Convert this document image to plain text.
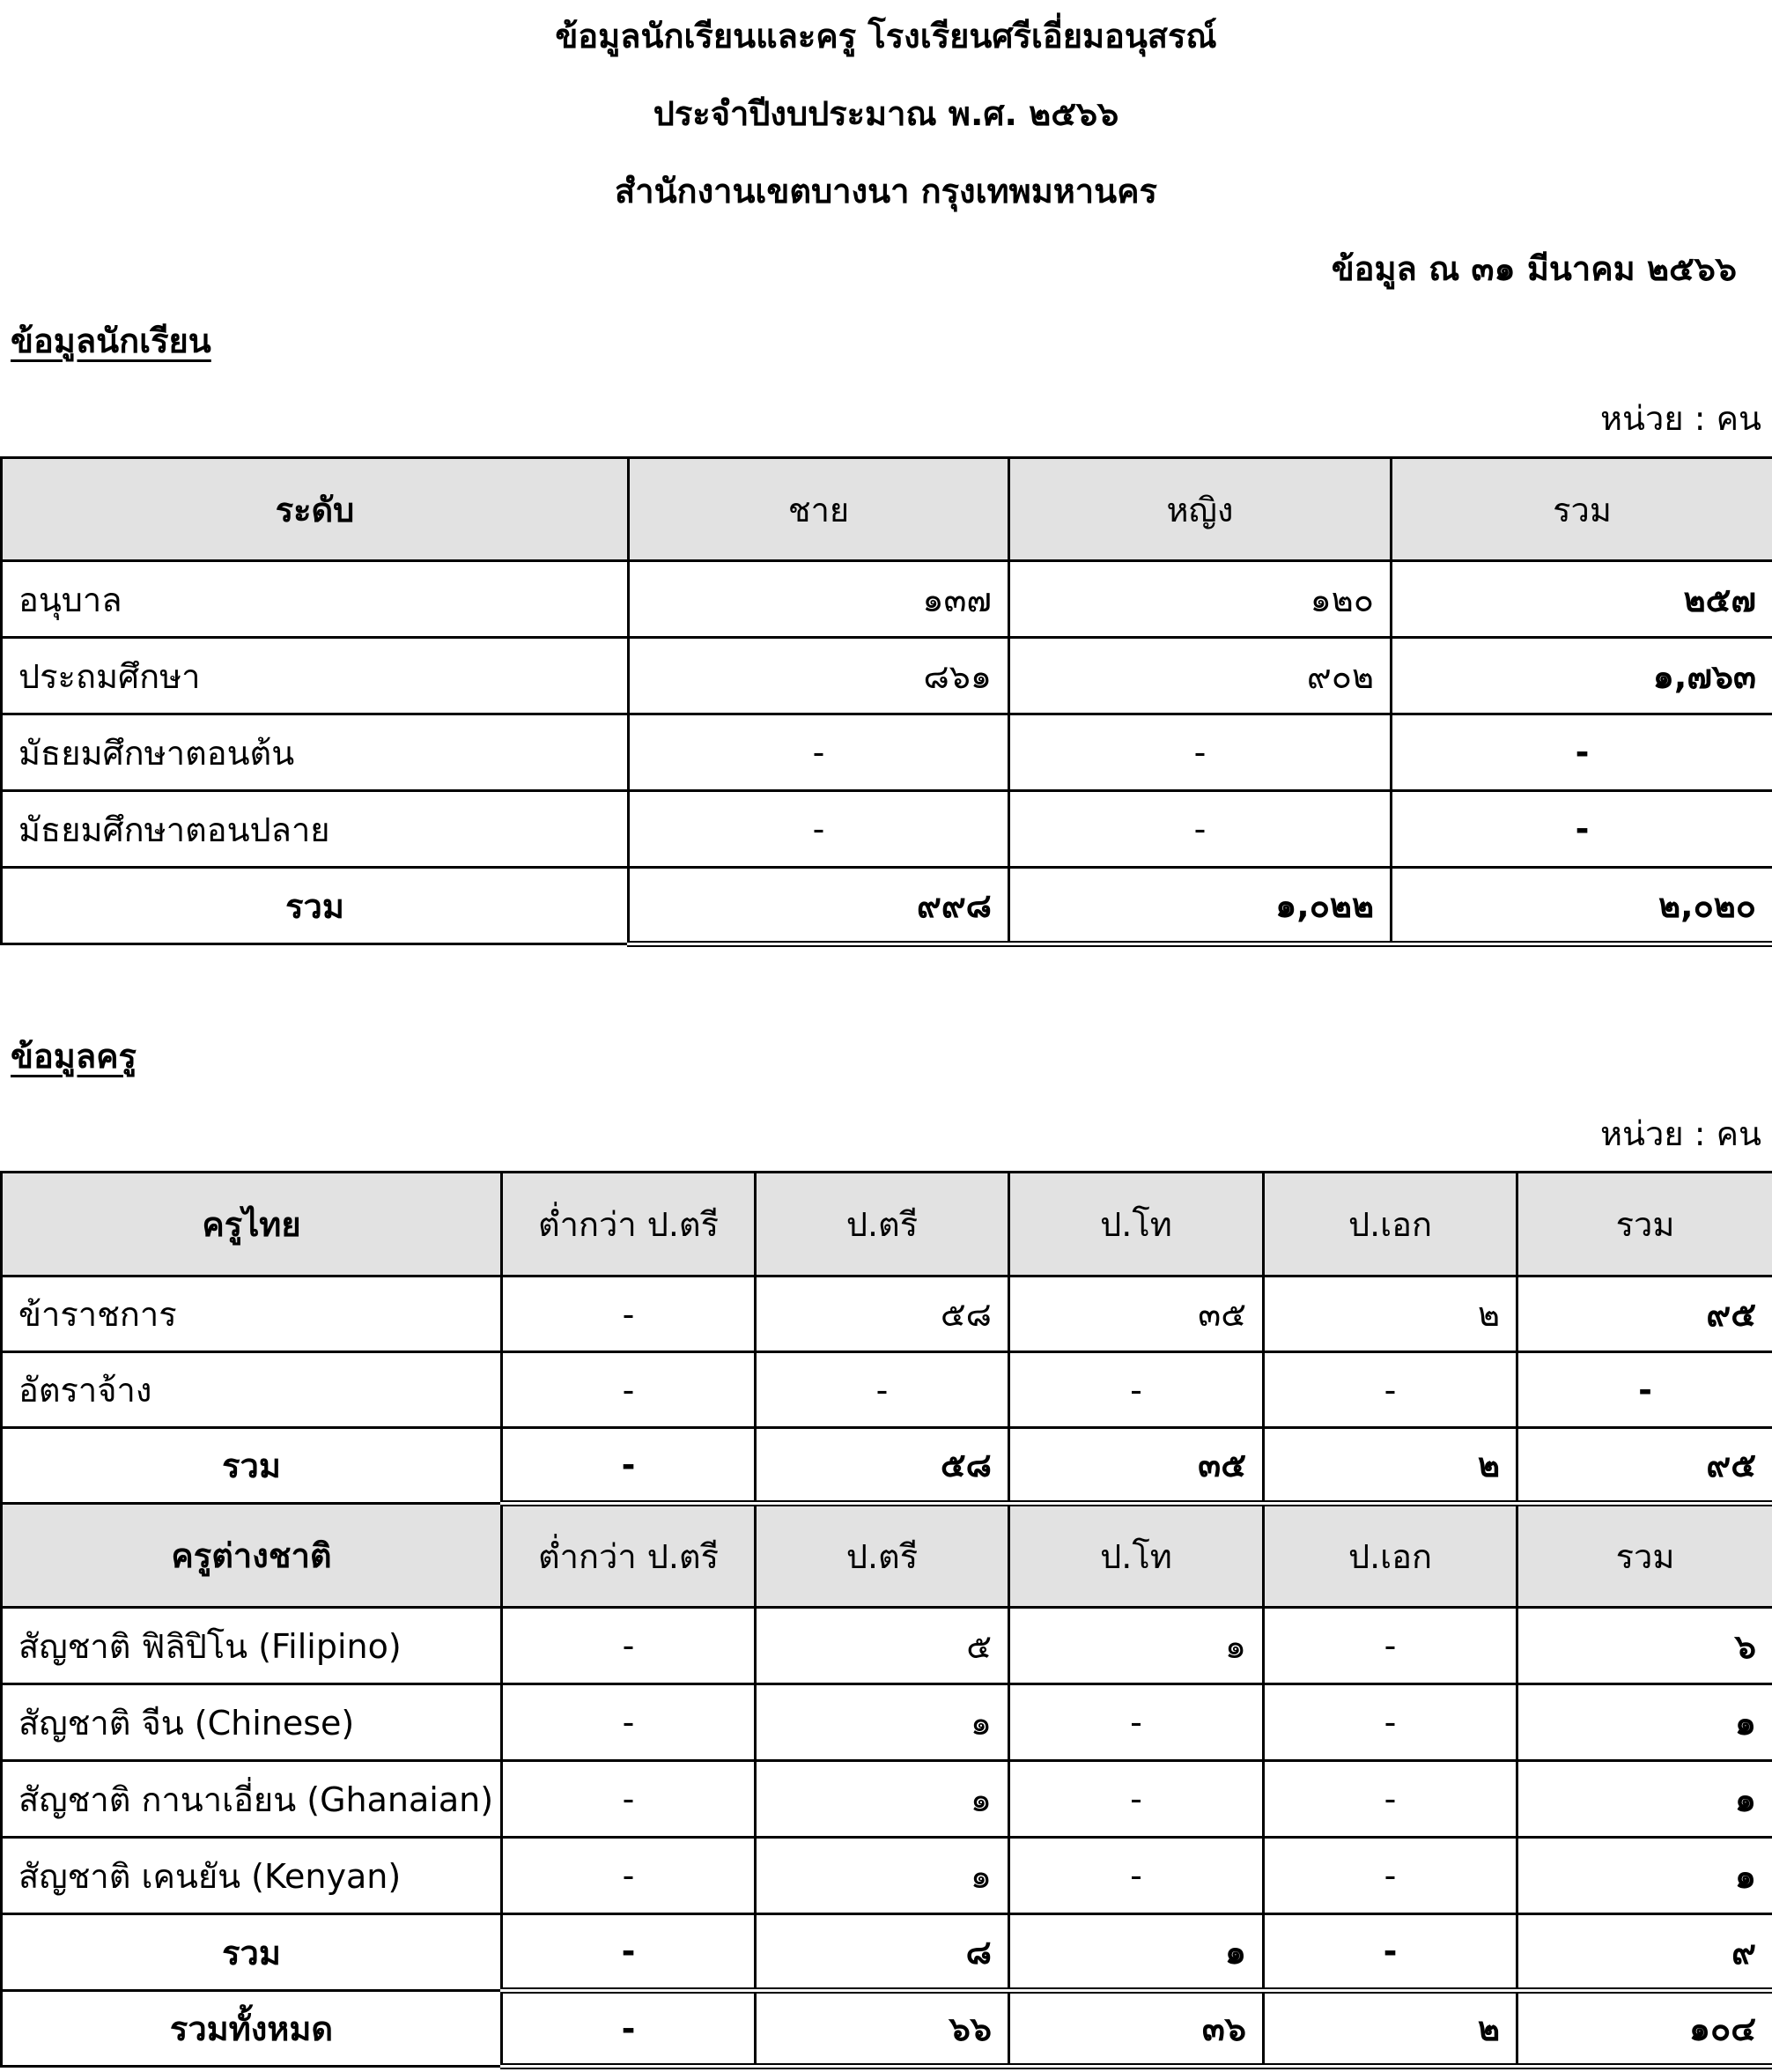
ข้อมูลนักเรียนและครู โรงเรียนศรีเอี่ยมอนุสรณ์
ประจำปีงบประมาณ พ.ศ. ๒๕๖๖
สำนักงานเขตบางนา กรุงเทพมหานคร
ข้อมูล ณ ๓๑ มีนาคม ๒๕๖๖
ข้อมูลนักเรียน
หน่วย : คน
ระดับ	ชาย	หญิง	รวม
อนุบาล	๑๓๗	๑๒๐	๒๕๗
ประถมศึกษา	๘๖๑	๙๐๒	๑,๗๖๓
มัธยมศึกษาตอนต้น	-	-	-
มัธยมศึกษาตอนปลาย	-	-	-
รวม	๙๙๘	๑,๐๒๒	๒,๐๒๐
ข้อมูลครู
หน่วย : คน
ครูไทย	ต่ำกว่า ป.ตรี	ป.ตรี	ป.โท	ป.เอก	รวม
ข้าราชการ	-	๕๘	๓๕	๒	๙๕
อัตราจ้าง	-	-	-	-	-
รวม	-	๕๘	๓๕	๒	๙๕
ครูต่างชาติ	ต่ำกว่า ป.ตรี	ป.ตรี	ป.โท	ป.เอก	รวม
สัญชาติ ฟิลิปิโน (Filipino)	-	๕	๑	-	๖
สัญชาติ จีน (Chinese)	-	๑	-	-	๑
สัญชาติ กานาเอี่ยน (Ghanaian)	-	๑	-	-	๑
สัญชาติ เคนยัน (Kenyan)	-	๑	-	-	๑
รวม	-	๘	๑	-	๙
รวมทั้งหมด	-	๖๖	๓๖	๒	๑๐๔
